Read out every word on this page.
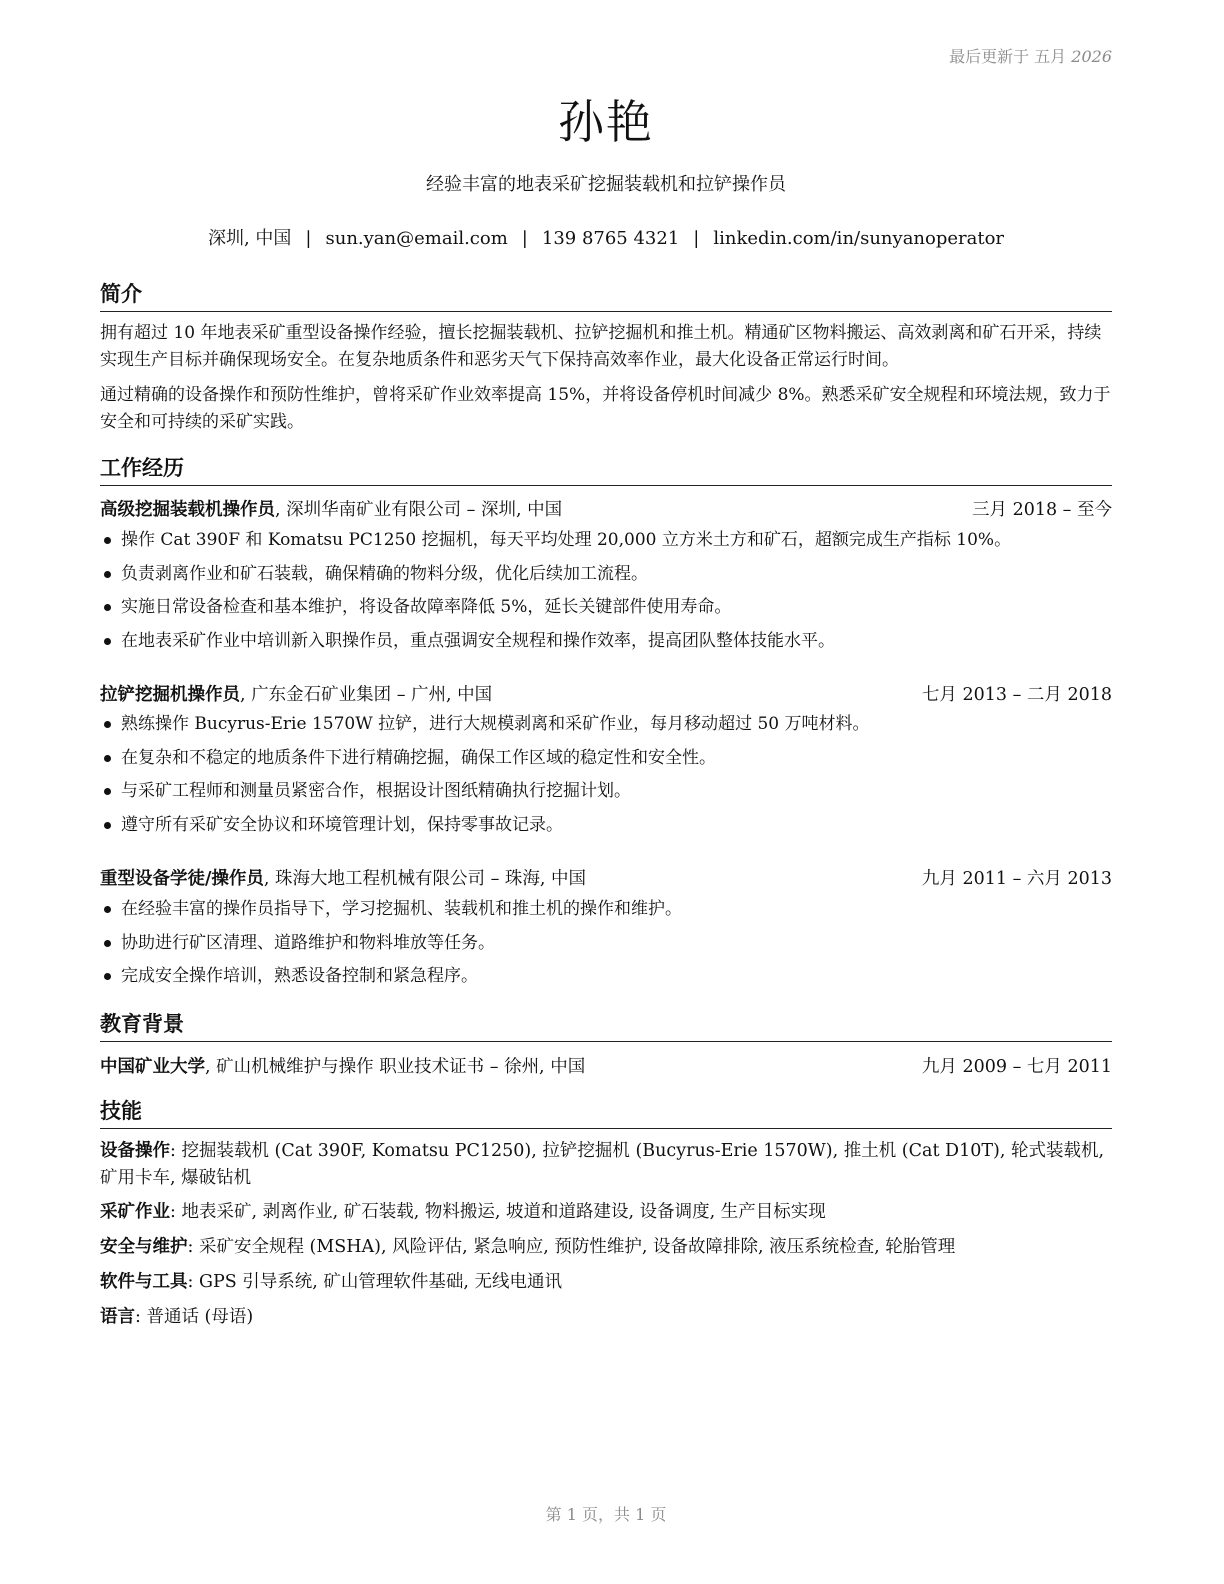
最后更新于 五月 2026
孙艳
经验丰富的地表采矿挖掘装载机和拉铲操作员
深圳, 中国 | sun.yan@email.com | 139 8765 4321 | linkedin.com/in/sunyanoperator
简介
拥有超过 10 年地表采矿重型设备操作经验，擅长挖掘装载机、拉铲挖掘机和推土机。精通矿区物料搬运、高效剥离和矿石开采，持续实现生产目标并确保现场安全。在复杂地质条件和恶劣天气下保持高效率作业，最大化设备正常运行时间。
通过精确的设备操作和预防性维护，曾将采矿作业效率提高 15%，并将设备停机时间减少 8%。熟悉采矿安全规程和环境法规，致力于安全和可持续的采矿实践。
工作经历
高级挖掘装载机操作员, 深圳华南矿业有限公司 – 深圳, 中国	三月 2018 – 至今
操作 Cat 390F 和 Komatsu PC1250 挖掘机，每天平均处理 20,000 立方米土方和矿石，超额完成生产指标 10%。
负责剥离作业和矿石装载，确保精确的物料分级，优化后续加工流程。
实施日常设备检查和基本维护，将设备故障率降低 5%，延长关键部件使用寿命。
在地表采矿作业中培训新入职操作员，重点强调安全规程和操作效率，提高团队整体技能水平。
拉铲挖掘机操作员, 广东金石矿业集团 – 广州, 中国	七月 2013 – 二月 2018
熟练操作 Bucyrus-Erie 1570W 拉铲，进行大规模剥离和采矿作业，每月移动超过 50 万吨材料。
在复杂和不稳定的地质条件下进行精确挖掘，确保工作区域的稳定性和安全性。
与采矿工程师和测量员紧密合作，根据设计图纸精确执行挖掘计划。
遵守所有采矿安全协议和环境管理计划，保持零事故记录。
重型设备学徒/操作员, 珠海大地工程机械有限公司 – 珠海, 中国	九月 2011 – 六月 2013
在经验丰富的操作员指导下，学习挖掘机、装载机和推土机的操作和维护。
协助进行矿区清理、道路维护和物料堆放等任务。
完成安全操作培训，熟悉设备控制和紧急程序。
教育背景
中国矿业大学, 矿山机械维护与操作 职业技术证书 – 徐州, 中国	九月 2009 – 七月 2011
技能
设备操作: 挖掘装载机 (Cat 390F, Komatsu PC1250), 拉铲挖掘机 (Bucyrus-Erie 1570W), 推土机 (Cat D10T), 轮式装载机, 矿用卡车, 爆破钻机
采矿作业: 地表采矿, 剥离作业, 矿石装载, 物料搬运, 坡道和道路建设, 设备调度, 生产目标实现
安全与维护: 采矿安全规程 (MSHA), 风险评估, 紧急响应, 预防性维护, 设备故障排除, 液压系统检查, 轮胎管理
软件与工具: GPS 引导系统, 矿山管理软件基础, 无线电通讯
语言: 普通话 (母语)
第 1 页，共 1 页
